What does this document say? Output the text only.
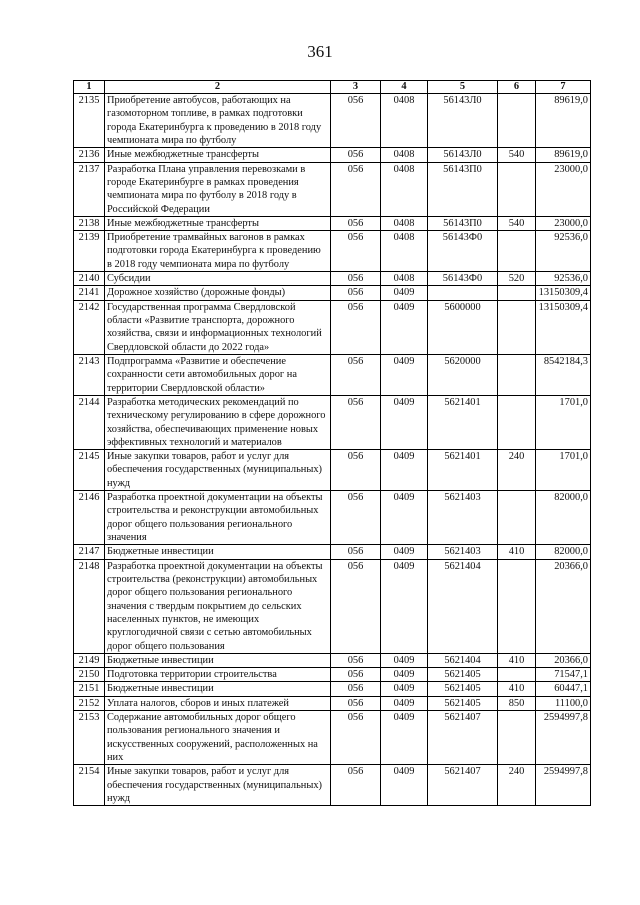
361
1	2	3	4	5	6	7
2135	Приобретение автобусов, работающих на газомоторном топливе, в рамках подготовки города Екатеринбурга к проведению в 2018 году чемпионата мира по футболу	056	0408	56143Л0		89619,0
2136	Иные межбюджетные трансферты	056	0408	56143Л0	540	89619,0
2137	Разработка Плана управления перевозками в городе Екатеринбурге в рамках проведения чемпионата мира по футболу в 2018 году в Российской Федерации	056	0408	56143П0		23000,0
2138	Иные межбюджетные трансферты	056	0408	56143П0	540	23000,0
2139	Приобретение трамвайных вагонов в рамках подготовки города Екатеринбурга к проведению в 2018 году чемпионата мира по футболу	056	0408	56143Ф0		92536,0
2140	Субсидии	056	0408	56143Ф0	520	92536,0
2141	Дорожное хозяйство (дорожные фонды)	056	0409			13150309,4
2142	Государственная программа Свердловской области «Развитие транспорта, дорожного хозяйства, связи и информационных технологий Свердловской области до 2022 года»	056	0409	5600000		13150309,4
2143	Подпрограмма «Развитие и обеспечение сохранности сети автомобильных дорог на территории Свердловской области»	056	0409	5620000		8542184,3
2144	Разработка методических рекомендаций по техническому регулированию в сфере дорожного хозяйства, обеспечивающих применение новых эффективных технологий и материалов	056	0409	5621401		1701,0
2145	Иные закупки товаров, работ и услуг для обеспечения государственных (муниципальных) нужд	056	0409	5621401	240	1701,0
2146	Разработка проектной документации на объекты строительства и реконструкции автомобильных дорог общего пользования регионального значения	056	0409	5621403		82000,0
2147	Бюджетные инвестиции	056	0409	5621403	410	82000,0
2148	Разработка проектной документации на объекты строительства (реконструкции) автомобильных дорог общего пользования регионального значения с твердым покрытием до сельских населенных пунктов, не имеющих круглогодичной связи с сетью автомобильных дорог общего пользования	056	0409	5621404		20366,0
2149	Бюджетные инвестиции	056	0409	5621404	410	20366,0
2150	Подготовка территории строительства	056	0409	5621405		71547,1
2151	Бюджетные инвестиции	056	0409	5621405	410	60447,1
2152	Уплата налогов, сборов и иных платежей	056	0409	5621405	850	11100,0
2153	Содержание автомобильных дорог общего пользования регионального значения и искусственных сооружений, расположенных на них	056	0409	5621407		2594997,8
2154	Иные закупки товаров, работ и услуг для обеспечения государственных (муниципальных) нужд	056	0409	5621407	240	2594997,8
